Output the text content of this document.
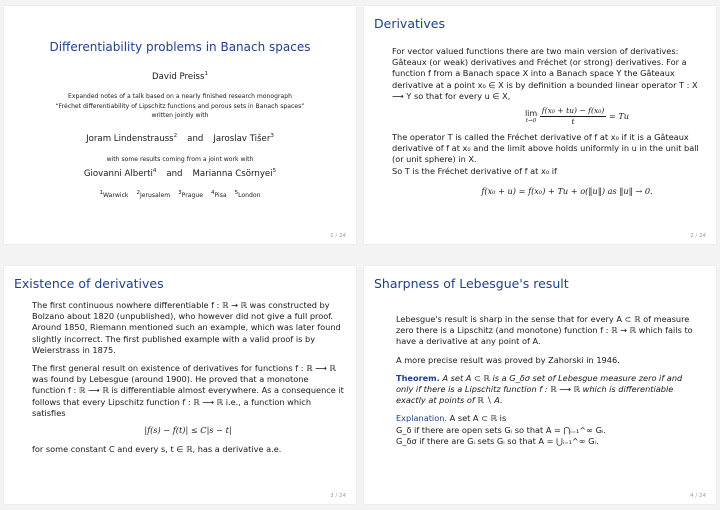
Differentiability problems in Banach spaces
David Preiss$^1$
Expanded notes of a talk based on a nearly finished research monograph
“Fréchet differentiability of Lipschitz functions and porous sets in Banach spaces”
written jointly with
Joram Lindenstrauss$^2$ and Jaroslav Tišer$^3$
with some results coming from a joint work with
Giovanni Alberti$^4$ and Marianna Csörnyei$^5$
$^1$Warwick $^2$Jerusalem $^3$Prague $^4$Pisa $^5$London
1 / 24
Derivatives

For vector valued functions there are two main version of derivatives: Gâteaux (or weak) derivatives and Fréchet (or strong) derivatives. For a function f from a Banach space X into a Banach space Y the Gâteaux derivative at a point x₀ ∈ X is by definition a bounded linear operator T : X ⟶ Y so that for every u ∈ X,

lim
t→0
$\frac{\text{f(x₀ + tu) − f(x₀)}}{t} = Tu$

The operator T is called the Fréchet derivative of f at x₀ if it is a Gâteaux derivative of f at x₀ and the limit above holds uniformly in u in the unit ball (or unit sphere) in X.

So T is the Fréchet derivative of f at x₀ if

f(x₀ + u) = f(x₀) + Tu + o(‖u‖) as ‖u‖ → 0.
2 / 24
Existence of derivatives

The first continuous nowhere differentiable f : ℝ → ℝ was constructed by Bolzano about 1820 (unpublished), who however did not give a full proof. Around 1850, Riemann mentioned such an example, which was later found slightly incorrect. The first published example with a valid proof is by Weierstrass in 1875.

The first general result on existence of derivatives for functions f : ℝ ⟶ ℝ was found by Lebesgue (around 1900). He proved that a monotone function f : ℝ ⟶ ℝ is differentiable almost everywhere. As a consequence it follows that every Lipschitz function f : ℝ ⟶ ℝ i.e., a function which satisfies

|f(s) − f(t)| ≤ C|s − t|

for some constant C and every s, t ∈ ℝ, has a derivative a.e.

3 / 24
Sharpness of Lebesgue's result

Lebesgue's result is sharp in the sense that for every A ⊂ ℝ of measure zero there is a Lipschitz (and monotone) function f : ℝ → ℝ which fails to have a derivative at any point of A.

A more precise result was proved by Zahorski in 1946.

Theorem. A set A ⊂ ℝ is a G_δσ set of Lebesgue measure zero if and only if there is a Lipschitz function f : ℝ ⟶ ℝ which is differentiable exactly at points of ℝ ∖ A.

Explanation. A set A ⊂ ℝ is

G_δ if there are open sets Gᵢ so that A = ⋂ᵢ₌₁^∞ Gᵢ.

G_δσ if there are Gᵢ sets Gᵢ so that A = ⋃ᵢ₌₁^∞ Gᵢ.

4 / 24
